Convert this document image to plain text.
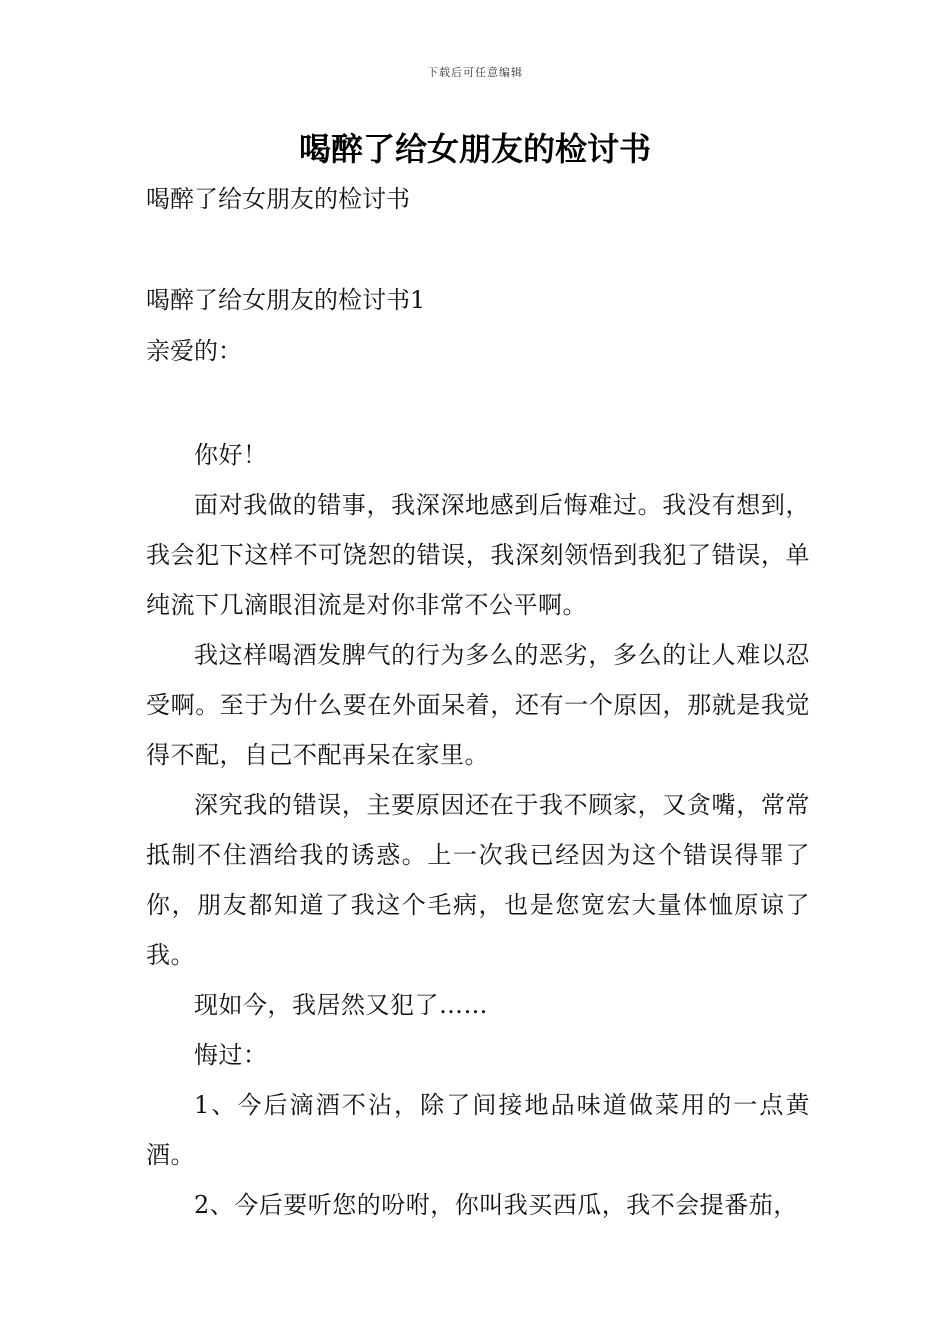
下载后可任意编辑
喝醉了给女朋友的检讨书

喝醉了给女朋友的检讨书

喝醉了给女朋友的检讨书1

亲爱的：

你好！

面对我做的错事，我深深地感到后悔难过。我没有想到，我会犯下这样不可饶恕的错误，我深刻领悟到我犯了错误，单纯流下几滴眼泪流是对你非常不公平啊。

我这样喝酒发脾气的行为多么的恶劣，多么的让人难以忍受啊。至于为什么要在外面呆着，还有一个原因，那就是我觉得不配，自己不配再呆在家里。

深究我的错误，主要原因还在于我不顾家，又贪嘴，常常抵制不住酒给我的诱惑。上一次我已经因为这个错误得罪了你，朋友都知道了我这个毛病，也是您宽宏大量体恤原谅了我。

现如今，我居然又犯了……

悔过：

1、今后滴酒不沾，除了间接地品味道做菜用的一点黄酒。

2、今后要听您的吩咐，你叫我买西瓜，我不会提番茄，
